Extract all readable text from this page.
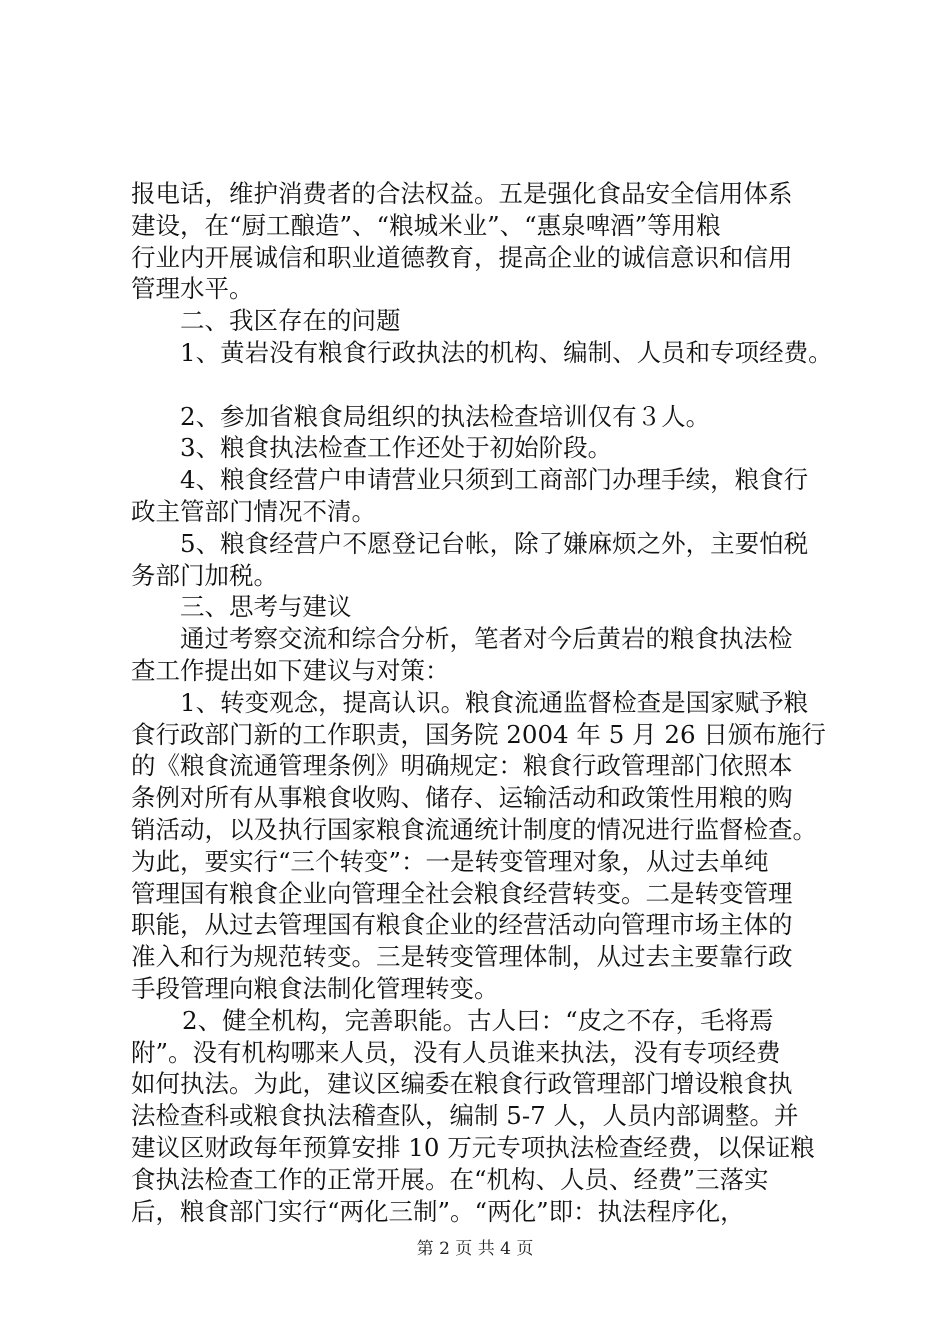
报电话，维护消费者的合法权益。五是强化食品安全信用体系
建设，在“厨工酿造”、“粮城米业”、“惠泉啤酒”等用粮
行业内开展诚信和职业道德教育，提高企业的诚信意识和信用
管理水平。
二、我区存在的问题
1、黄岩没有粮食行政执法的机构、编制、人员和专项经费。
2、参加省粮食局组织的执法检查培训仅有３人。
3、粮食执法检查工作还处于初始阶段。
4、粮食经营户申请营业只须到工商部门办理手续，粮食行
政主管部门情况不清。
5、粮食经营户不愿登记台帐，除了嫌麻烦之外，主要怕税
务部门加税。
三、思考与建议
通过考察交流和综合分析，笔者对今后黄岩的粮食执法检
查工作提出如下建议与对策：
1、转变观念，提高认识。粮食流通监督检查是国家赋予粮
食行政部门新的工作职责，国务院 2004 年 5 月 26 日颁布施行
的《粮食流通管理条例》明确规定：粮食行政管理部门依照本
条例对所有从事粮食收购、储存、运输活动和政策性用粮的购
销活动，以及执行国家粮食流通统计制度的情况进行监督检查。
为此，要实行“三个转变”：一是转变管理对象，从过去单纯
管理国有粮食企业向管理全社会粮食经营转变。二是转变管理
职能，从过去管理国有粮食企业的经营活动向管理市场主体的
准入和行为规范转变。三是转变管理体制，从过去主要靠行政
手段管理向粮食法制化管理转变。
2、健全机构，完善职能。古人曰：“皮之不存，毛将焉
附”。没有机构哪来人员，没有人员谁来执法，没有专项经费
如何执法。为此，建议区编委在粮食行政管理部门增设粮食执
法检查科或粮食执法稽查队，编制 5-7 人，人员内部调整。并
建议区财政每年预算安排 10 万元专项执法检查经费，以保证粮
食执法检查工作的正常开展。在“机构、人员、经费”三落实
后，粮食部门实行“两化三制”。“两化”即：执法程序化，
第 2 页 共 4 页
